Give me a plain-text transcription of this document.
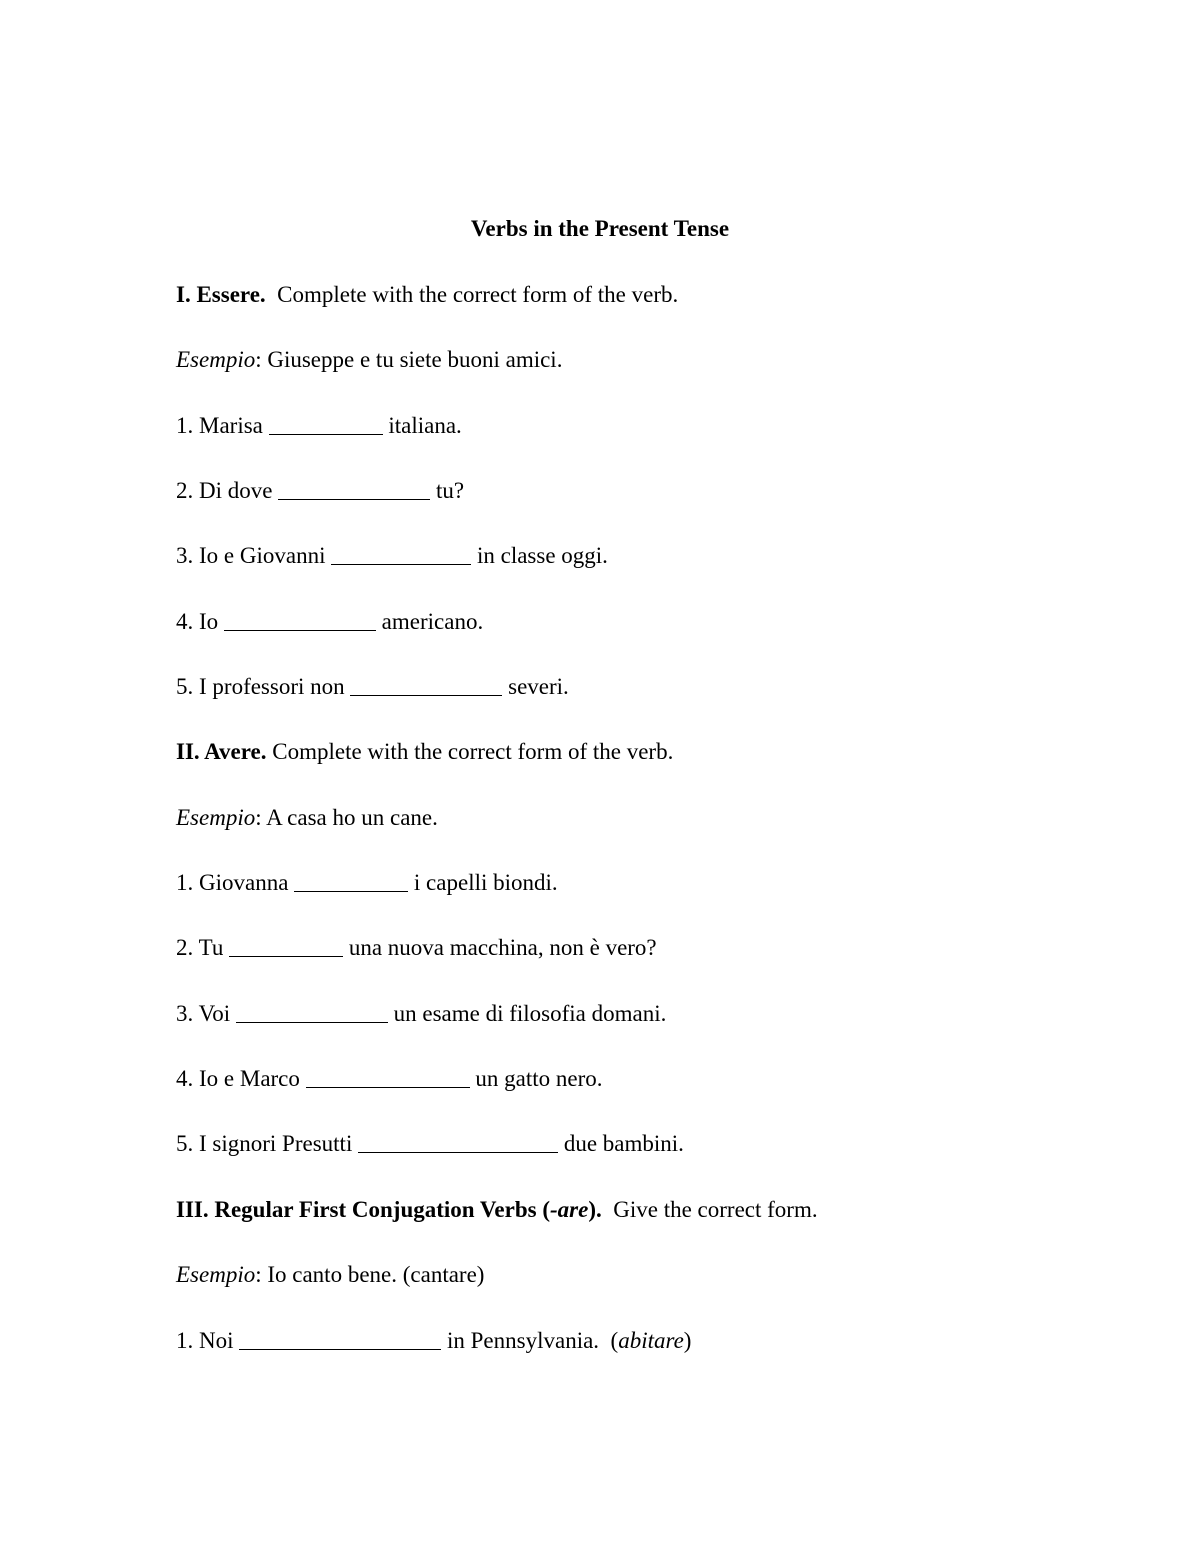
Verbs in the Present Tense
I. Essere.  Complete with the correct form of the verb.
Esempio: Giuseppe e tu siete buoni amici.
1. Marisa	italiana.
2. Di dove	tu?
3. Io e Giovanni	in classe oggi.
4. Io	americano.
5. I professori non	severi.
II. Avere. Complete with the correct form of the verb.
Esempio: A casa ho un cane.
1. Giovanna	i capelli biondi.
2. Tu	una nuova macchina, non è vero?
3. Voi	un esame di filosofia domani.
4. Io e Marco	un gatto nero.
5. I signori Presutti	due bambini.
III. Regular First Conjugation Verbs (-are).  Give the correct form.
Esempio: Io canto bene. (cantare)
1. Noi	in Pennsylvania.  (abitare)
